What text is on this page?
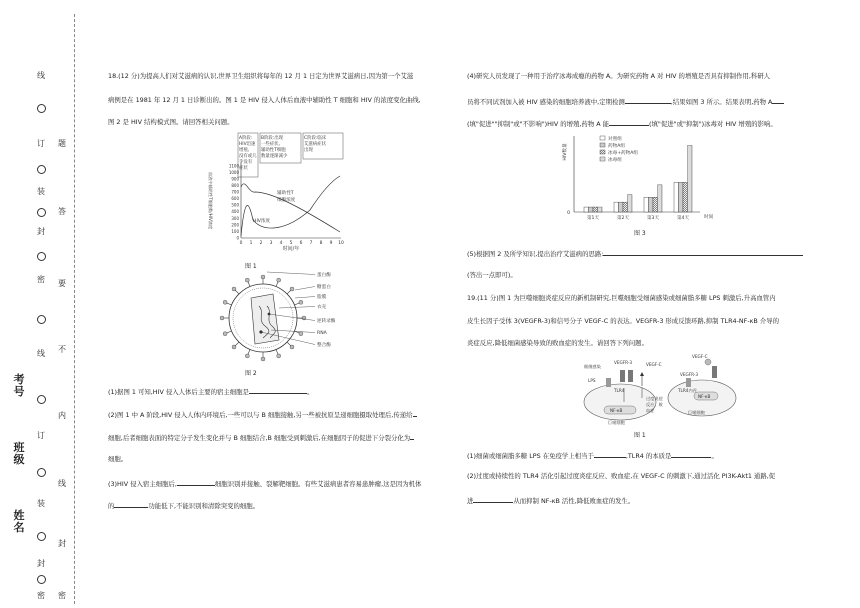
线
订
装
封
密
线
订
装
封
密
题
答
要
不
内
线
封
密
考号
班级
姓名
18.(12 分)为提高人们对艾滋病的认识,世界卫生组织将每年的 12 月 1 日定为世界艾滋病日,因为第一个艾滋
病例是在 1981 年 12 月 1 日诊断出的。图 1 是 HIV 侵入人体后血液中辅助性 T 细胞和 HIV 的浓度变化曲线,
图 2 是 HIV 结构模式图。请回答相关问题。
A阶段:
HIV迅速
增殖,
没有或几
乎没有
症状
B阶段:出现
一些症状,
辅助性T细胞
数量逐渐减少
C阶段:临床
艾滋病症状
出现
血液中辅助性T细胞数/HIV浓度
1100
1000
900
800
700
600
500
400
300
200
100
0
0 1 2 3 4 5 6 7 8 9 10
时间/年
辅助性T
细胞浓度
HIV浓度
图 1
蛋白酶
糖蛋白
脂膜
衣壳
逆转录酶
RNA
整合酶
图 2
(1)据图 1 可知,HIV 侵入人体后主要的宿主细胞是	。
(2)图 1 中 A 阶段,HIV 侵入人体内环境后,一些可以与 B 细胞接触,另一些被抗原呈递细胞摄取处理后,传递给
细胞,后者细胞表面的特定分子发生变化并与 B 细胞结合,B 细胞受到刺激后,在细胞因子的促进下分裂分化为
细胞。
(3)HIV 侵入宿主细胞后,	细胞识别并接触、裂解靶细胞。有些艾滋病患者容易患肿瘤,这是因为机体
的	功能低下,不能识别和清除突变的细胞。
(4)研究人员发现了一种用于治疗冰毒成瘾的药物 A。为研究药物 A 对 HIV 的增殖是否具有抑制作用,科研人
员将不同试剂加入被 HIV 感染的细胞培养液中,定期检测	,结果如图 3 所示。结果表明,药物 A
(填"促进""抑制"或"不影响")HIV 的增殖,药物 A 能	(填"促进"或"抑制")冰毒对 HIV 增殖的影响。
HIV数量
0
时间
第1天	第2天	第3天	第4天
对照组
药物A组
冰毒+药物A组
冰毒组
图 3
(5)根据图 2 及所学知识,提出治疗艾滋病的思路:
(答出一点即可)。
19.(11 分)图 1 为巨噬细胞炎症反应的新机制研究,巨噬细胞受细菌感染或细菌脂多糖 LPS 刺激后,升高血管内
皮生长因子受体 3(VEGFR-3)和信号分子 VEGF-C 的表达。VEGFR-3 形成反馈环路,抑制 TLR4-NF-κB 介导的
炎症反应,降低细菌感染导致的败血症的发生。请回答下列问题。
细菌感染
VEGFR-3	VEGF-C
LPS
TLR4
NF-κB
巨噬细胞
过度炎症
反应、败
血症
TLR4内吞
VEGF-C
VEGFR-3
巨噬细胞
NF-κB
图 1
(1)细菌或细菌脂多糖 LPS 在免疫学上相当于	,TLR4 的本质是	。
(2)过度或持续性的 TLR4 活化引起过度炎症反应、败血症,在 VEGF-C 的刺激下,通过活化 PI3K-Akt1 通路,促
进	从而抑制 NF-κB 活性,降低败血症的发生。
